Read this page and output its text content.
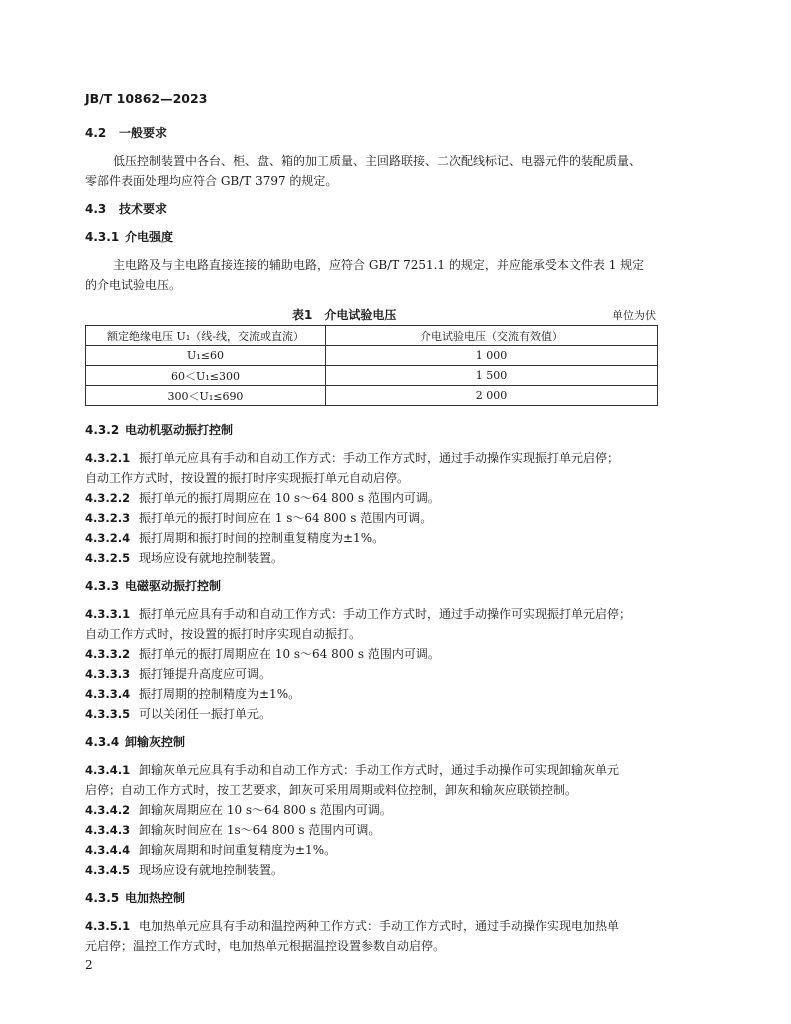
JB/T 10862—2023
4.2 一般要求
低压控制装置中各台、柜、盘、箱的加工质量、主回路联接、二次配线标记、电器元件的装配质量、
零部件表面处理均应符合 GB/T 3797 的规定。
4.3 技术要求
4.3.1 介电强度
主电路及与主电路直接连接的辅助电路，应符合 GB/T 7251.1 的规定，并应能承受本文件表 1 规定
的介电试验电压。
表1　介电试验电压	单位为伏
额定绝缘电压 U₁（线-线，交流或直流）	介电试验电压（交流有效值）
U₁≤60	1 000
60＜U₁≤300	1 500
300＜U₁≤690	2 000
4.3.2 电动机驱动振打控制
4.3.2.1 振打单元应具有手动和自动工作方式：手动工作方式时，通过手动操作实现振打单元启停；
自动工作方式时，按设置的振打时序实现振打单元自动启停。
4.3.2.2 振打单元的振打周期应在 10 s～64 800 s 范围内可调。
4.3.2.3 振打单元的振打时间应在 1 s～64 800 s 范围内可调。
4.3.2.4 振打周期和振打时间的控制重复精度为±1%。
4.3.2.5 现场应设有就地控制装置。
4.3.3 电磁驱动振打控制
4.3.3.1 振打单元应具有手动和自动工作方式：手动工作方式时，通过手动操作可实现振打单元启停；
自动工作方式时，按设置的振打时序实现自动振打。
4.3.3.2 振打单元的振打周期应在 10 s～64 800 s 范围内可调。
4.3.3.3 振打锤提升高度应可调。
4.3.3.4 振打周期的控制精度为±1%。
4.3.3.5 可以关闭任一振打单元。
4.3.4 卸输灰控制
4.3.4.1 卸输灰单元应具有手动和自动工作方式：手动工作方式时，通过手动操作可实现卸输灰单元
启停；自动工作方式时，按工艺要求，卸灰可采用周期或料位控制，卸灰和输灰应联锁控制。
4.3.4.2 卸输灰周期应在 10 s～64 800 s 范围内可调。
4.3.4.3 卸输灰时间应在 1s～64 800 s 范围内可调。
4.3.4.4 卸输灰周期和时间重复精度为±1%。
4.3.4.5 现场应设有就地控制装置。
4.3.5 电加热控制
4.3.5.1 电加热单元应具有手动和温控两种工作方式：手动工作方式时，通过手动操作实现电加热单
元启停；温控工作方式时，电加热单元根据温控设置参数自动启停。
2
